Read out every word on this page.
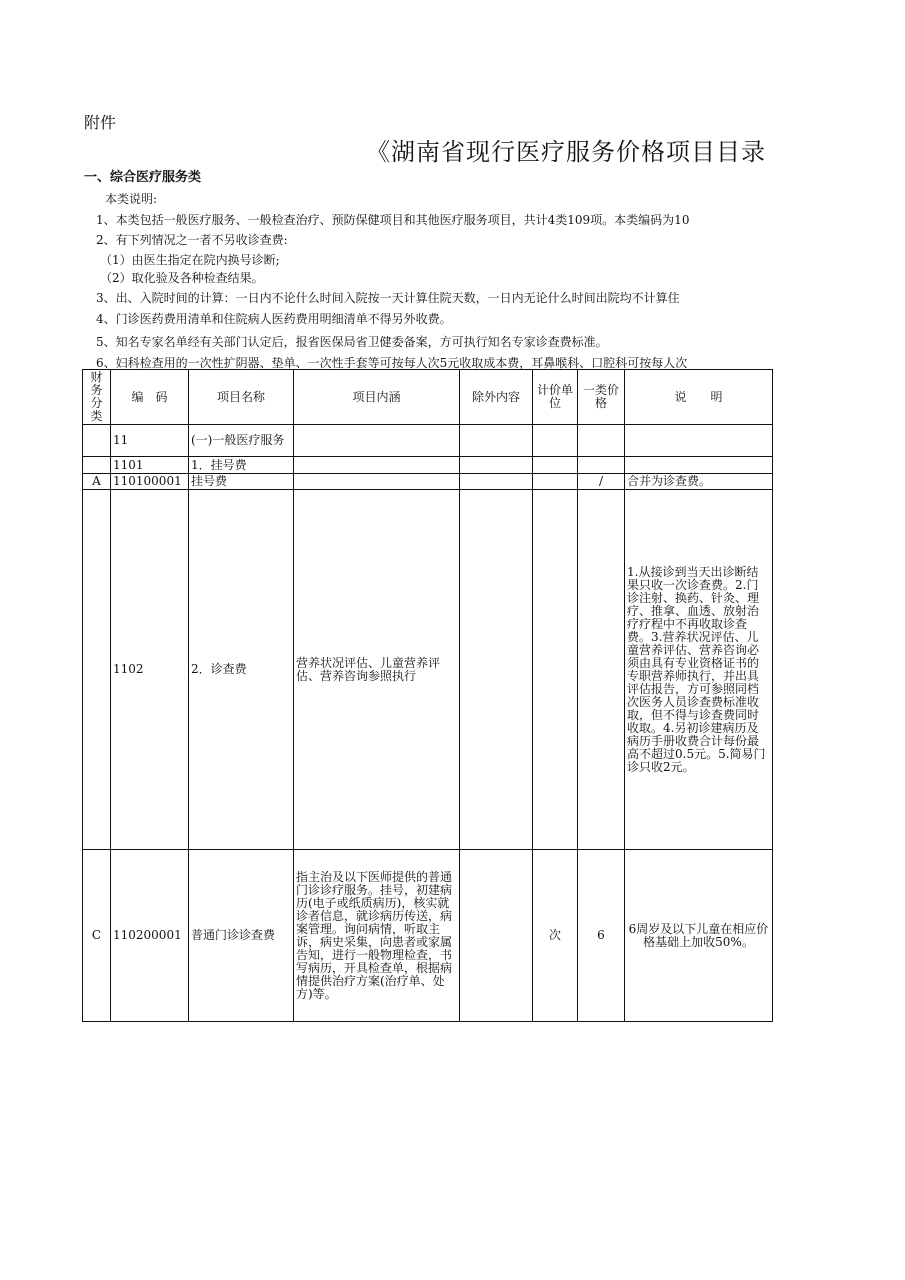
附件
《湖南省现行医疗服务价格项目目录
一、综合医疗服务类
本类说明:
1、本类包括一般医疗服务、一般检查治疗、预防保健项目和其他医疗服务项目，共计4类109项。本类编码为10
2、有下列情况之一者不另收诊查费:
（1）由医生指定在院内换号诊断;
（2）取化验及各种检查结果。
3、出、入院时间的计算：一日内不论什么时间入院按一天计算住院天数，一日内无论什么时间出院均不计算住
4、门诊医药费用清单和住院病人医药费用明细清单不得另外收费。
5、知名专家名单经有关部门认定后，报省医保局省卫健委备案，方可执行知名专家诊查费标准。
6、妇科检查用的一次性扩阴器、垫单、一次性手套等可按每人次5元收取成本费，耳鼻喉科、口腔科可按每人次
财务分类	编　码	项目名称	项目内涵	除外内容	计价单位	一类价格	说　　明
	11	(一)一般医疗服务					
	1101	1．挂号费					
A	110100001	挂号费				/	合并为诊查费。
	1102	2．诊查费	营养状况评估、儿童营养评估、营养咨询参照执行				1.从接诊到当天出诊断结果只收一次诊查费。2.门诊注射、换药、针灸、理疗、推拿、血透、放射治疗疗程中不再收取诊查费。3.营养状况评估、儿童营养评估、营养咨询必须由具有专业资格证书的专职营养师执行，并出具评估报告，方可参照同档次医务人员诊查费标准收取，但不得与诊查费同时收取。4.另初诊建病历及病历手册收费合计每份最高不超过0.5元。5.简易门诊只收2元。
C	110200001	普通门诊诊查费	指主治及以下医师提供的普通门诊诊疗服务。挂号，初建病历(电子或纸质病历)，核实就诊者信息，就诊病历传送，病案管理。询问病情，听取主诉，病史采集，向患者或家属告知，进行一般物理检查，书写病历，开具检查单，根据病情提供治疗方案(治疗单、处方)等。		次	6	6周岁及以下儿童在相应价格基础上加收50%。
